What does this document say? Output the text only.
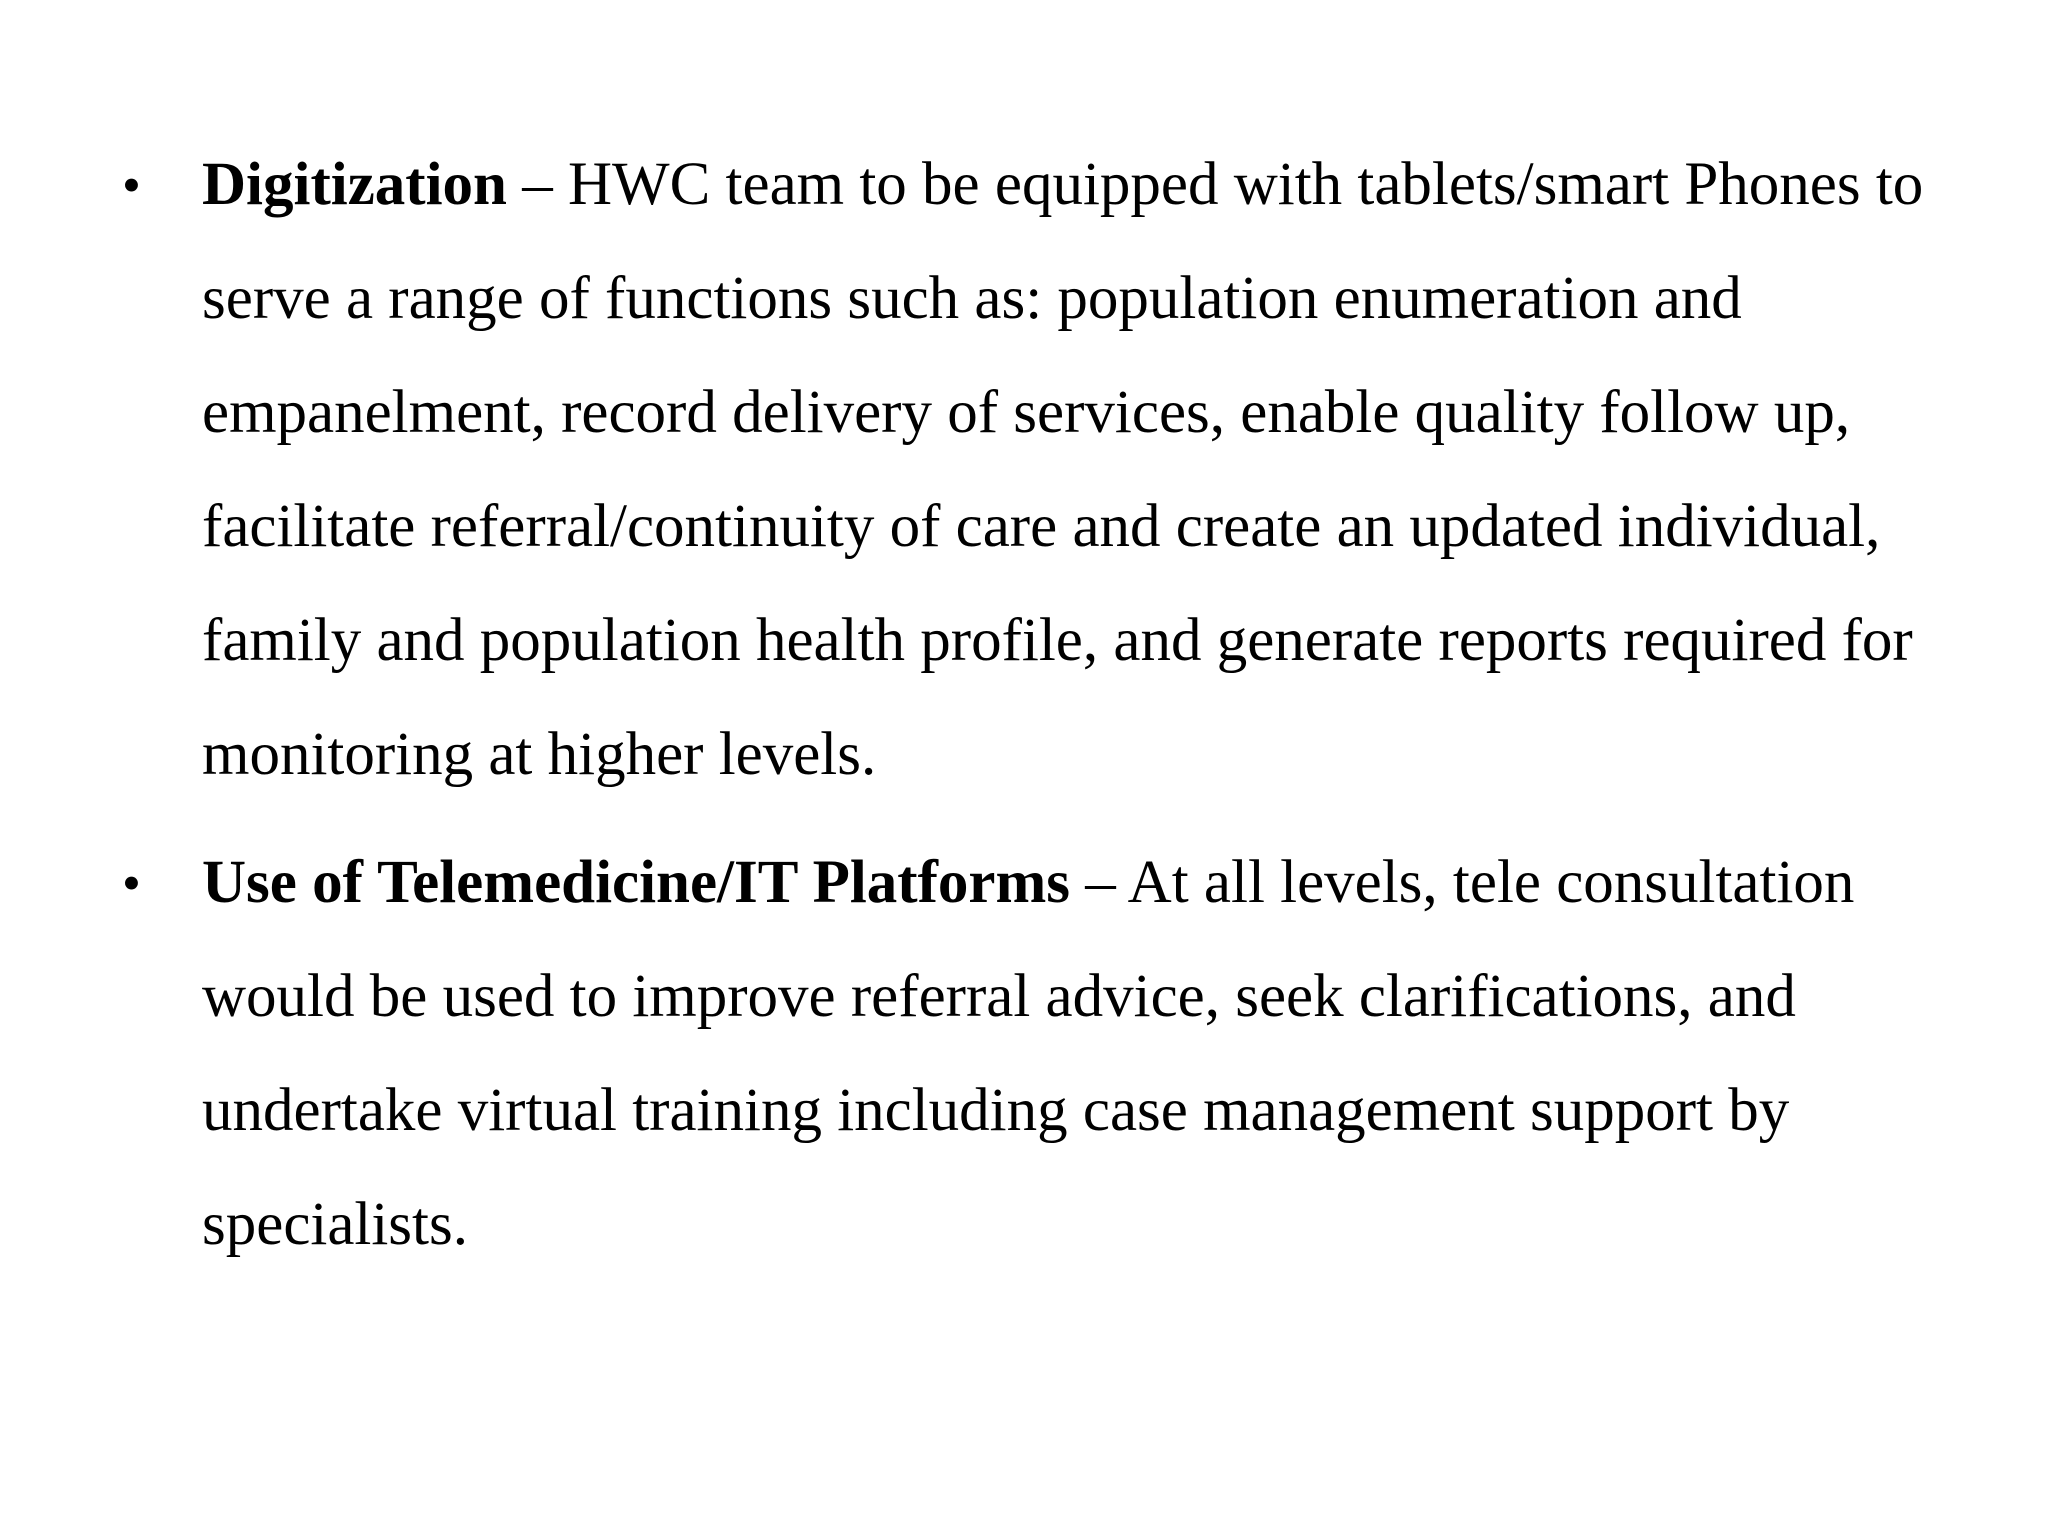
• Digitization – HWC team to be equipped with tablets/smart Phones to serve a range of functions such as: population enumeration and empanelment, record delivery of services, enable quality follow up, facilitate referral/continuity of care and create an updated individual, family and population health profile, and generate reports required for monitoring at higher levels.

• Use of Telemedicine/IT Platforms – At all levels, tele consultation would be used to improve referral advice, seek clarifications, and undertake virtual training including case management support by specialists.
